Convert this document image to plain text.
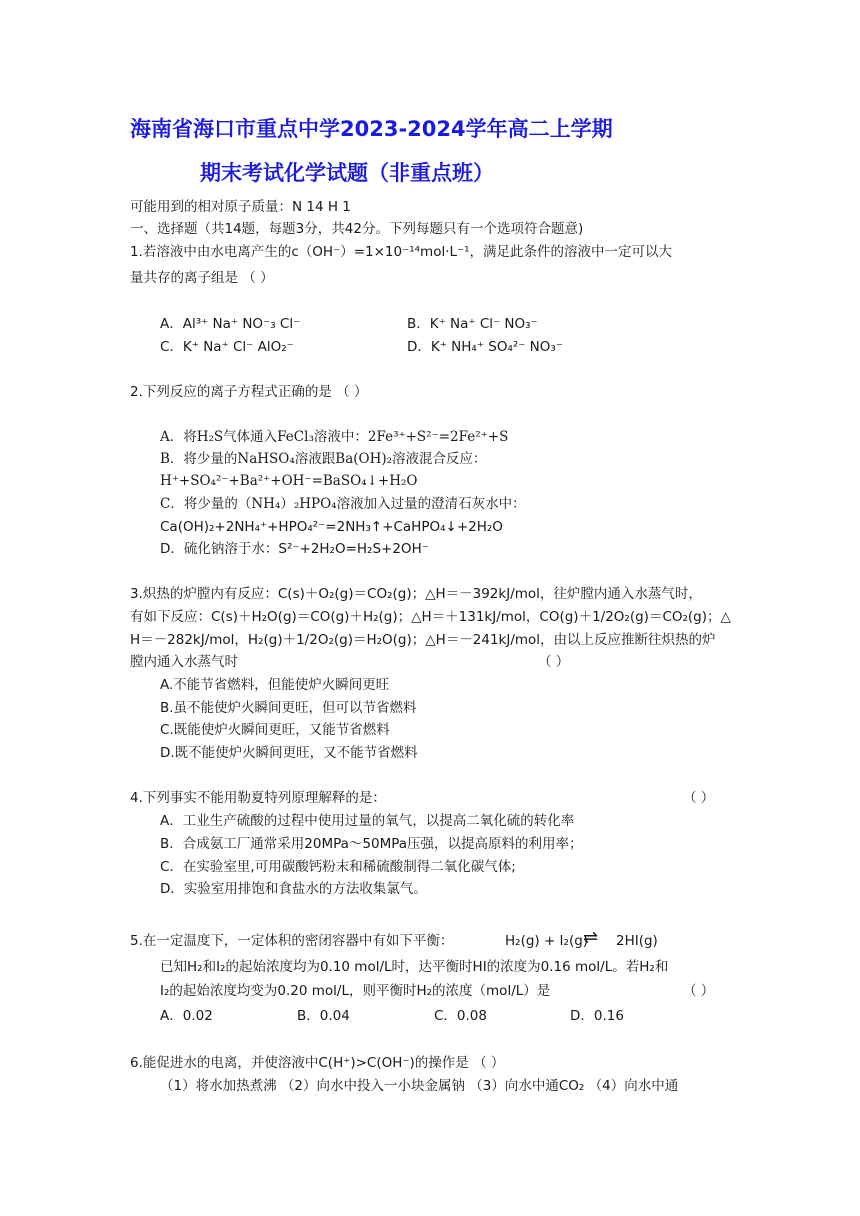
海南省海口市重点中学2023-2024学年高二上学期
期末考试化学试题（非重点班）
可能用到的相对原子质量：N 14 H 1
一、选择题（共14题，每题3分，共42分。下列每题只有一个选项符合题意)
1.若溶液中由水电离产生的c（OH⁻）=1×10⁻¹⁴mol·L⁻¹，满足此条件的溶液中一定可以大
量共存的离子组是 （ ）
A．Al³⁺ Na⁺ NO⁻₃ Cl⁻	B．K⁺ Na⁺ Cl⁻ NO₃⁻
C．K⁺ Na⁺ Cl⁻ AlO₂⁻	D．K⁺ NH₄⁺ SO₄²⁻ NO₃⁻
2.下列反应的离子方程式正确的是 （ ）
A．将H₂S气体通入FeCl₃溶液中：2Fe³⁺+S²⁻=2Fe²⁺+S
B．将少量的NaHSO₄溶液跟Ba(OH)₂溶液混合反应：
H⁺+SO₄²⁻+Ba²⁺+OH⁻=BaSO₄↓+H₂O
C．将少量的（NH₄）₂HPO₄溶液加入过量的澄清石灰水中：
Ca(OH)₂+2NH₄⁺+HPO₄²⁻=2NH₃↑+CaHPO₄↓+2H₂O
D．硫化钠溶于水：S²⁻+2H₂O=H₂S+2OH⁻
3.炽热的炉膛内有反应：C(s)＋O₂(g)＝CO₂(g)；△H＝－392kJ/mol，往炉膛内通入水蒸气时，
有如下反应：C(s)＋H₂O(g)＝CO(g)＋H₂(g)；△H＝＋131kJ/mol，CO(g)＋1/2O₂(g)＝CO₂(g)；△
H＝－282kJ/mol，H₂(g)＋1/2O₂(g)＝H₂O(g)；△H＝－241kJ/mol，由以上反应推断往炽热的炉
膛内通入水蒸气时	（ ）
A.不能节省燃料，但能使炉火瞬间更旺
B.虽不能使炉火瞬间更旺，但可以节省燃料
C.既能使炉火瞬间更旺，又能节省燃料
D.既不能使炉火瞬间更旺，又不能节省燃料
4.下列事实不能用勒夏特列原理解释的是：	（ ）
A．工业生产硫酸的过程中使用过量的氧气，以提高二氧化硫的转化率
B．合成氨工厂通常采用20MPa～50MPa压强，以提高原料的利用率；
C．在实验室里,可用碳酸钙粉末和稀硫酸制得二氧化碳气体;
D．实验室用排饱和食盐水的方法收集氯气。
5.在一定温度下，一定体积的密闭容器中有如下平衡：	H₂(g) + I₂(g)
⇌ 2HI(g)
已知H₂和I₂的起始浓度均为0.10 mol/L时，达平衡时HI的浓度为0.16 mol/L。若H₂和
I₂的起始浓度均变为0.20 mol/L，则平衡时H₂的浓度（mol/L）是	（ ）
A．0.02	B．0.04	C．0.08	D．0.16
6.能促进水的电离，并使溶液中C(H⁺)>C(OH⁻)的操作是 （ ）
（1）将水加热煮沸 （2）向水中投入一小块金属钠 （3）向水中通CO₂ （4）向水中通
